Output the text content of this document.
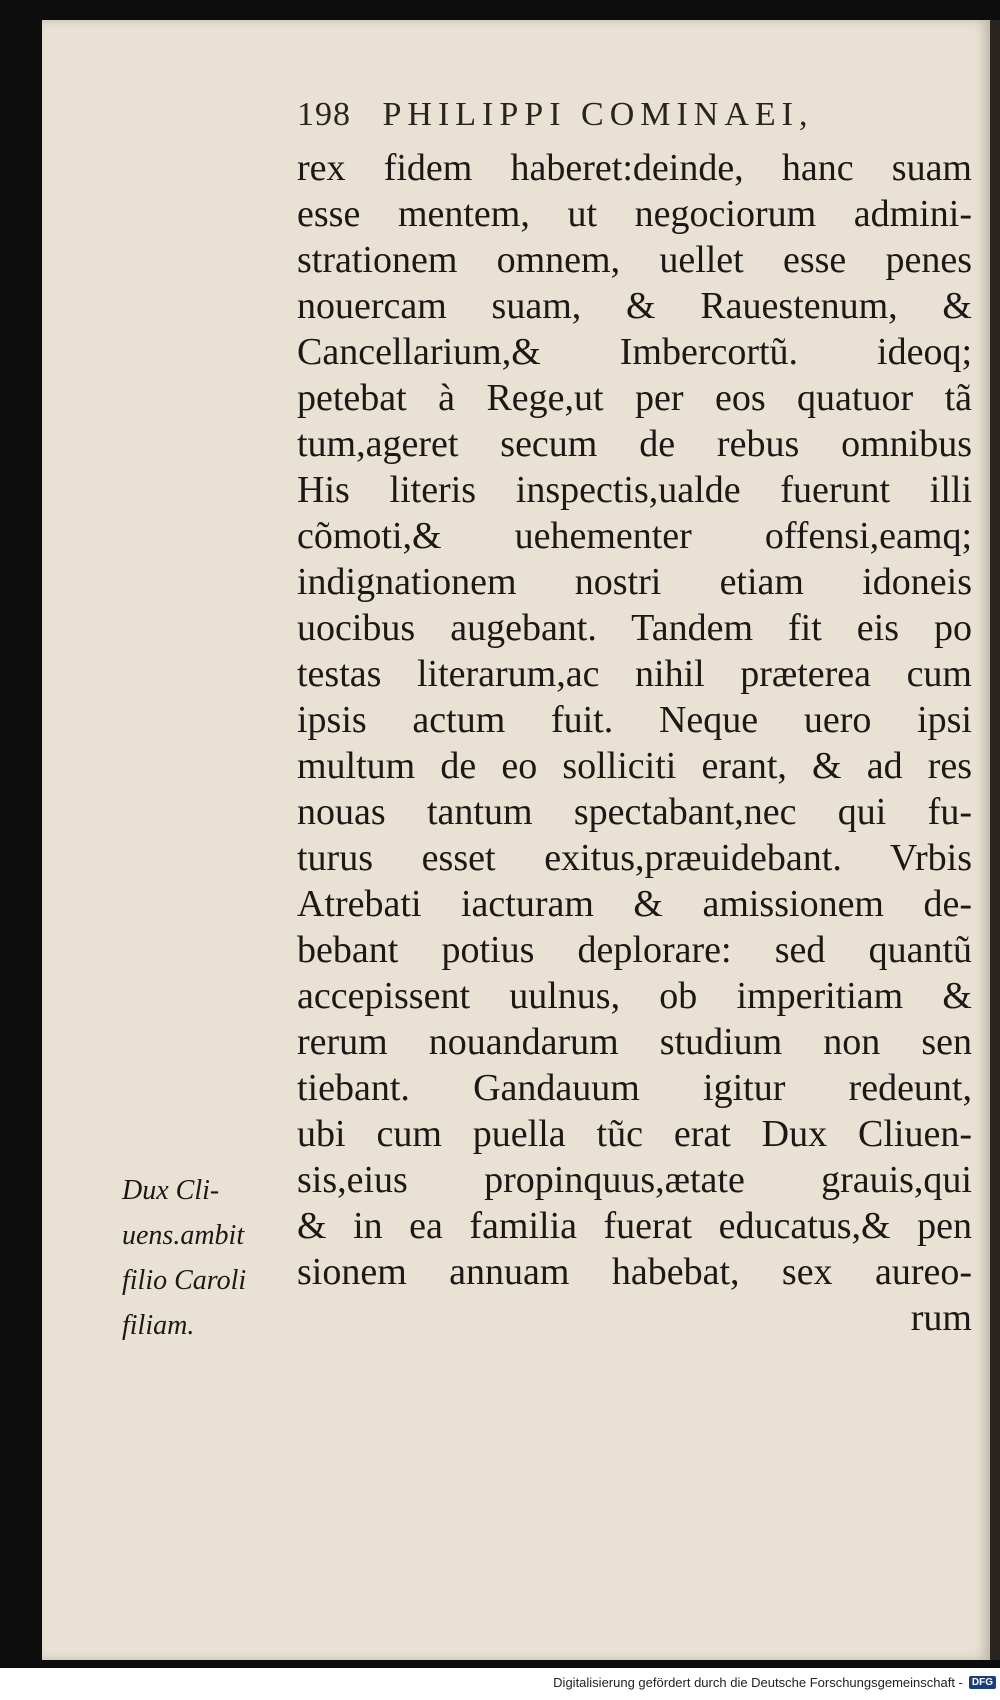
198 PHILIPPI COMINAEI,
rex fidem haberet:deinde, hanc suam
esse mentem, ut negociorum admini-
strationem omnem, uellet esse penes
nouercam suam, & Rauestenum, &
Cancellarium,& Imbercortũ. ideoq;
petebat à Rege,ut per eos quatuor tã
tum,ageret secum de rebus omnibus
His literis inspectis,ualde fuerunt illi
cõmoti,& uehementer offensi,eamq;
indignationem nostri etiam idoneis
uocibus augebant. Tandem fit eis po
testas literarum,ac nihil prӕterea cum
ipsis actum fuit. Neque uero ipsi
multum de eo solliciti erant, & ad res
nouas tantum spectabant,nec qui fu-
turus esset exitus,prӕuidebant. Vrbis
Atrebati iacturam & amissionem de-
bebant potius deplorare: sed quantũ
accepissent uulnus, ob imperitiam &
rerum nouandarum studium non sen
tiebant. Gandauum igitur redeunt,
ubi cum puella tũc erat Dux Cliuen-
sis,eius propinquus,ӕtate grauis,qui
& in ea familia fuerat educatus,& pen
sionem annuam habebat, sex aureo-
rum
Dux Cli-
uens.ambit
filio Caroli
filiam.
Digitalisierung gefördert durch die Deutsche Forschungsgemeinschaft - DFG
